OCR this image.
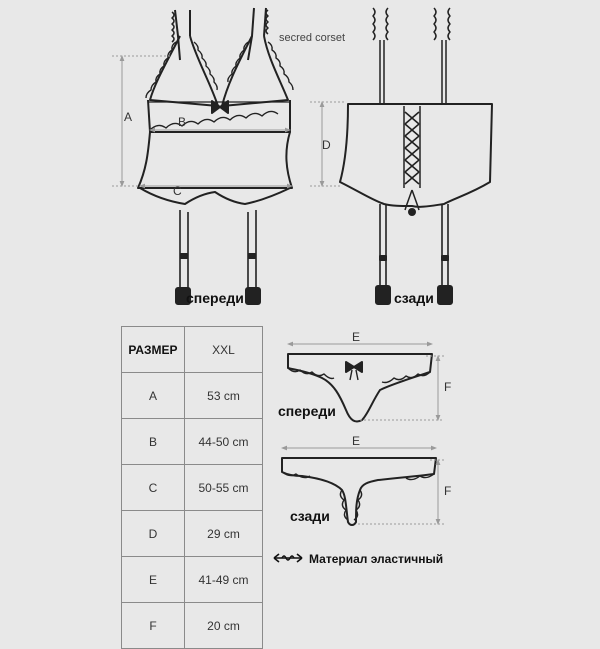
secred corset
A	B
C
D
спереди	сзади
E
F
спереди
E
F
сзади
РАЗМЕР	XXL
A	53 cm
B	44-50 cm
C	50-55 cm
D	29 cm
E	41-49 cm
F	20 cm
Материал эластичный
